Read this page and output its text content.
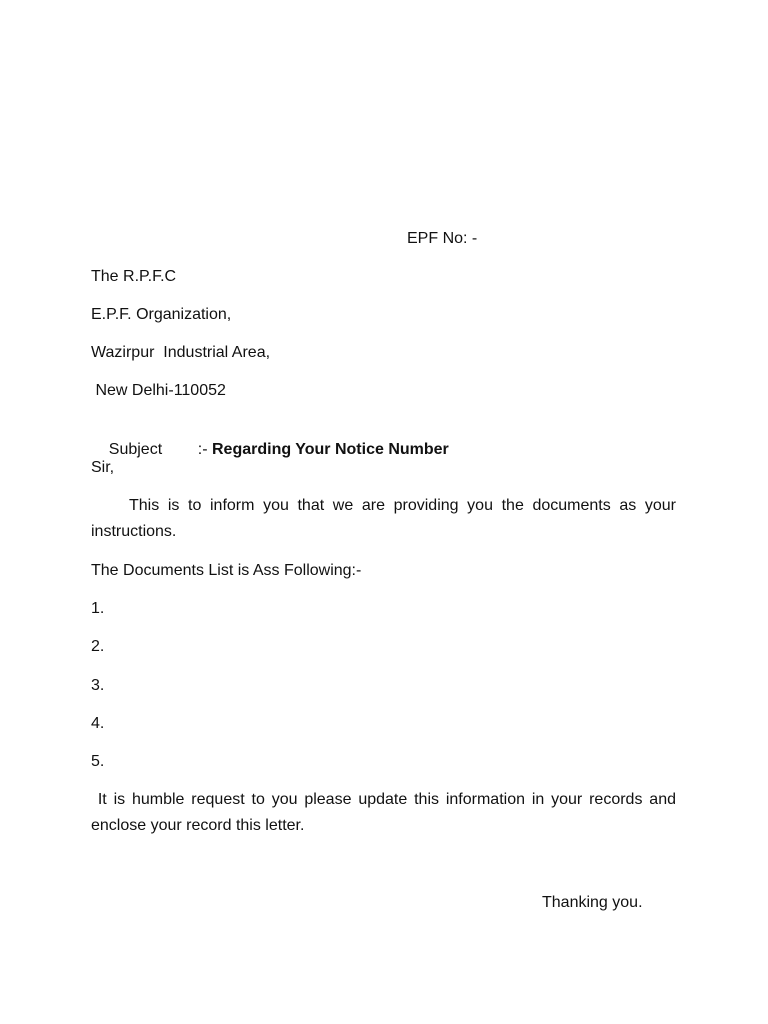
EPF No: -
The R.P.F.C
E.P.F. Organization,
Wazirpur  Industrial Area,
New Delhi-110052

Subject :- Regarding Your Notice Number

Sir,
This is to inform you that we are providing you the documents as your instructions.
The Documents List is Ass Following:-
1.
2.
3.
4.
5.
It is humble request to you please update this information in your records and enclose your record this letter.
Thanking you.
